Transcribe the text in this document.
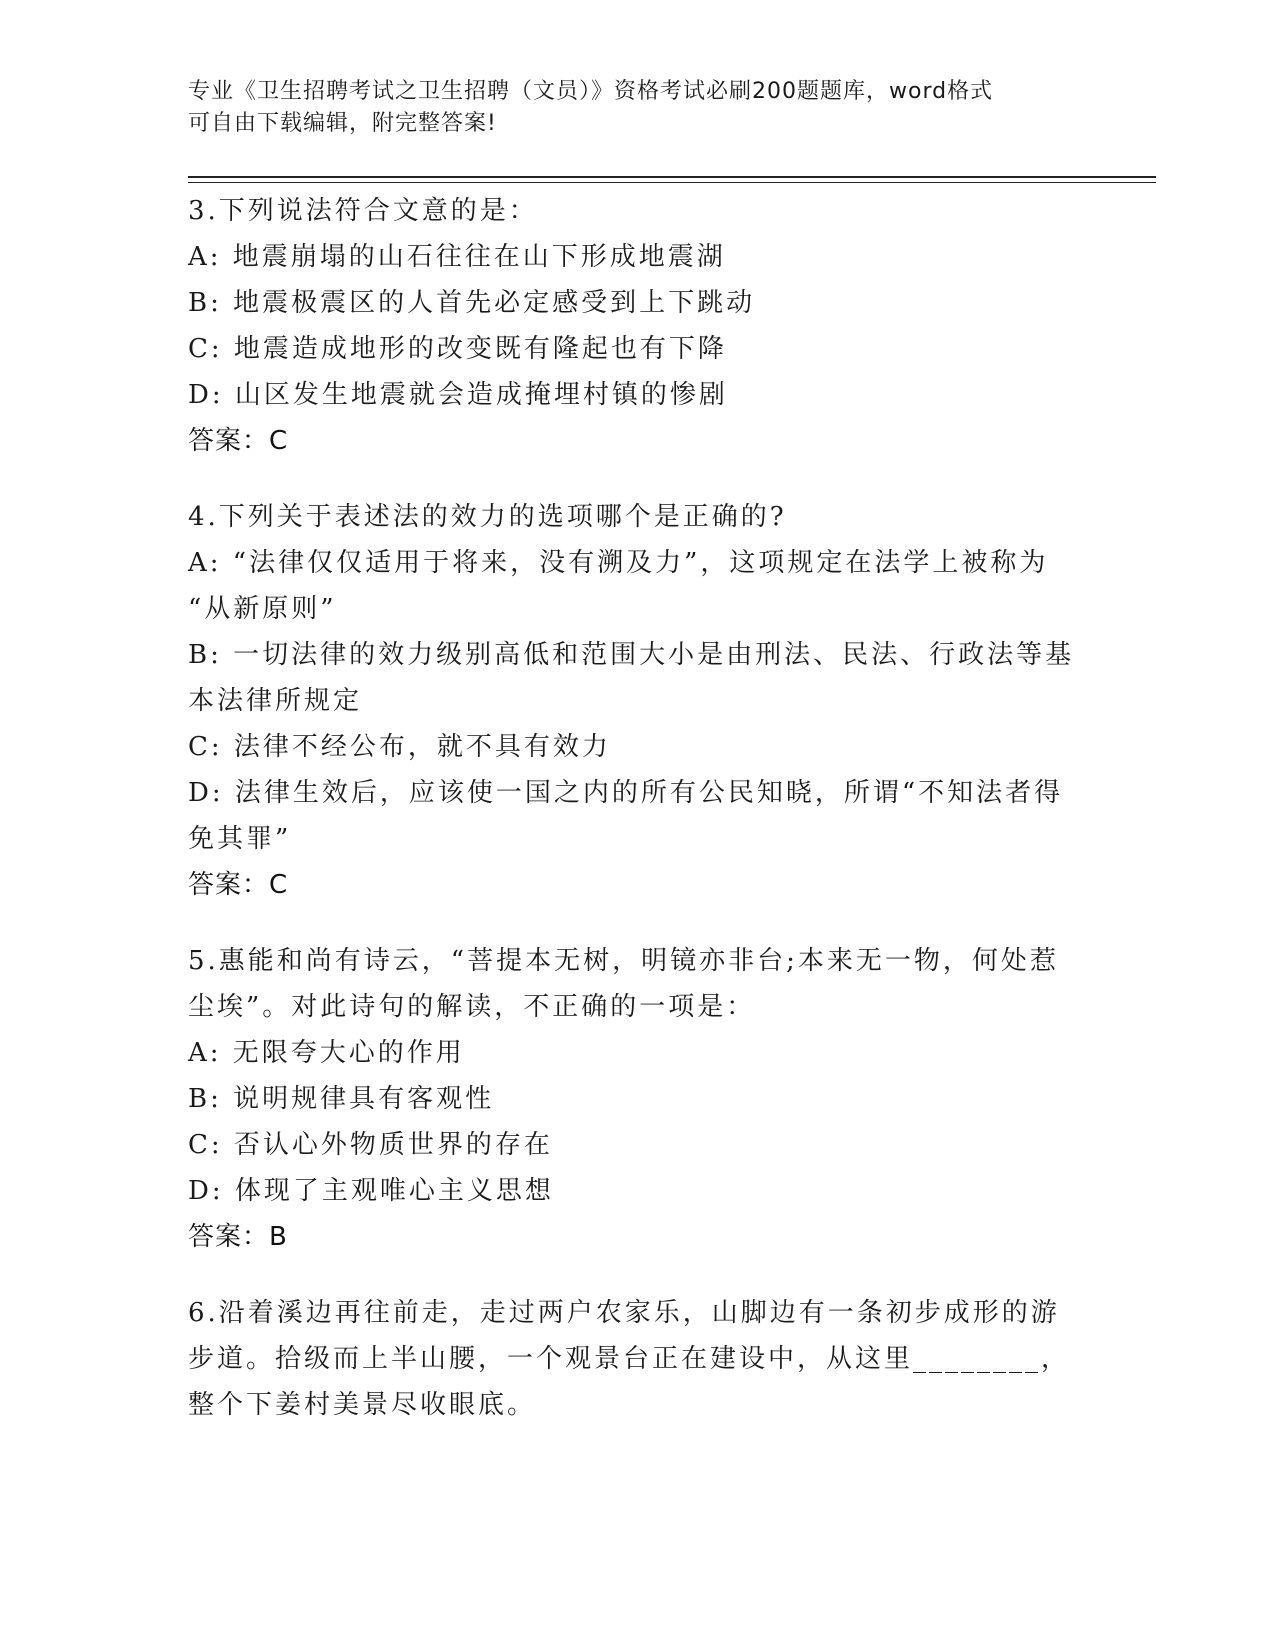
专业《卫生招聘考试之卫生招聘（文员）》资格考试必刷200题题库，word格式
可自由下载编辑，附完整答案!
3.下列说法符合文意的是：
A: 地震崩塌的山石往往在山下形成地震湖
B: 地震极震区的人首先必定感受到上下跳动
C: 地震造成地形的改变既有隆起也有下降
D: 山区发生地震就会造成掩埋村镇的惨剧
答案：C
4.下列关于表述法的效力的选项哪个是正确的?
A: “法律仅仅适用于将来，没有溯及力”，这项规定在法学上被称为
“从新原则”
B: 一切法律的效力级别高低和范围大小是由刑法、民法、行政法等基
本法律所规定
C: 法律不经公布，就不具有效力
D: 法律生效后，应该使一国之内的所有公民知晓，所谓“不知法者得
免其罪”
答案：C
5.惠能和尚有诗云，“菩提本无树，明镜亦非台;本来无一物，何处惹
尘埃”。对此诗句的解读，不正确的一项是：
A: 无限夸大心的作用
B: 说明规律具有客观性
C: 否认心外物质世界的存在
D: 体现了主观唯心主义思想
答案：B
6.沿着溪边再往前走，走过两户农家乐，山脚边有一条初步成形的游
步道。拾级而上半山腰，一个观景台正在建设中，从这里________，
整个下姜村美景尽收眼底。
